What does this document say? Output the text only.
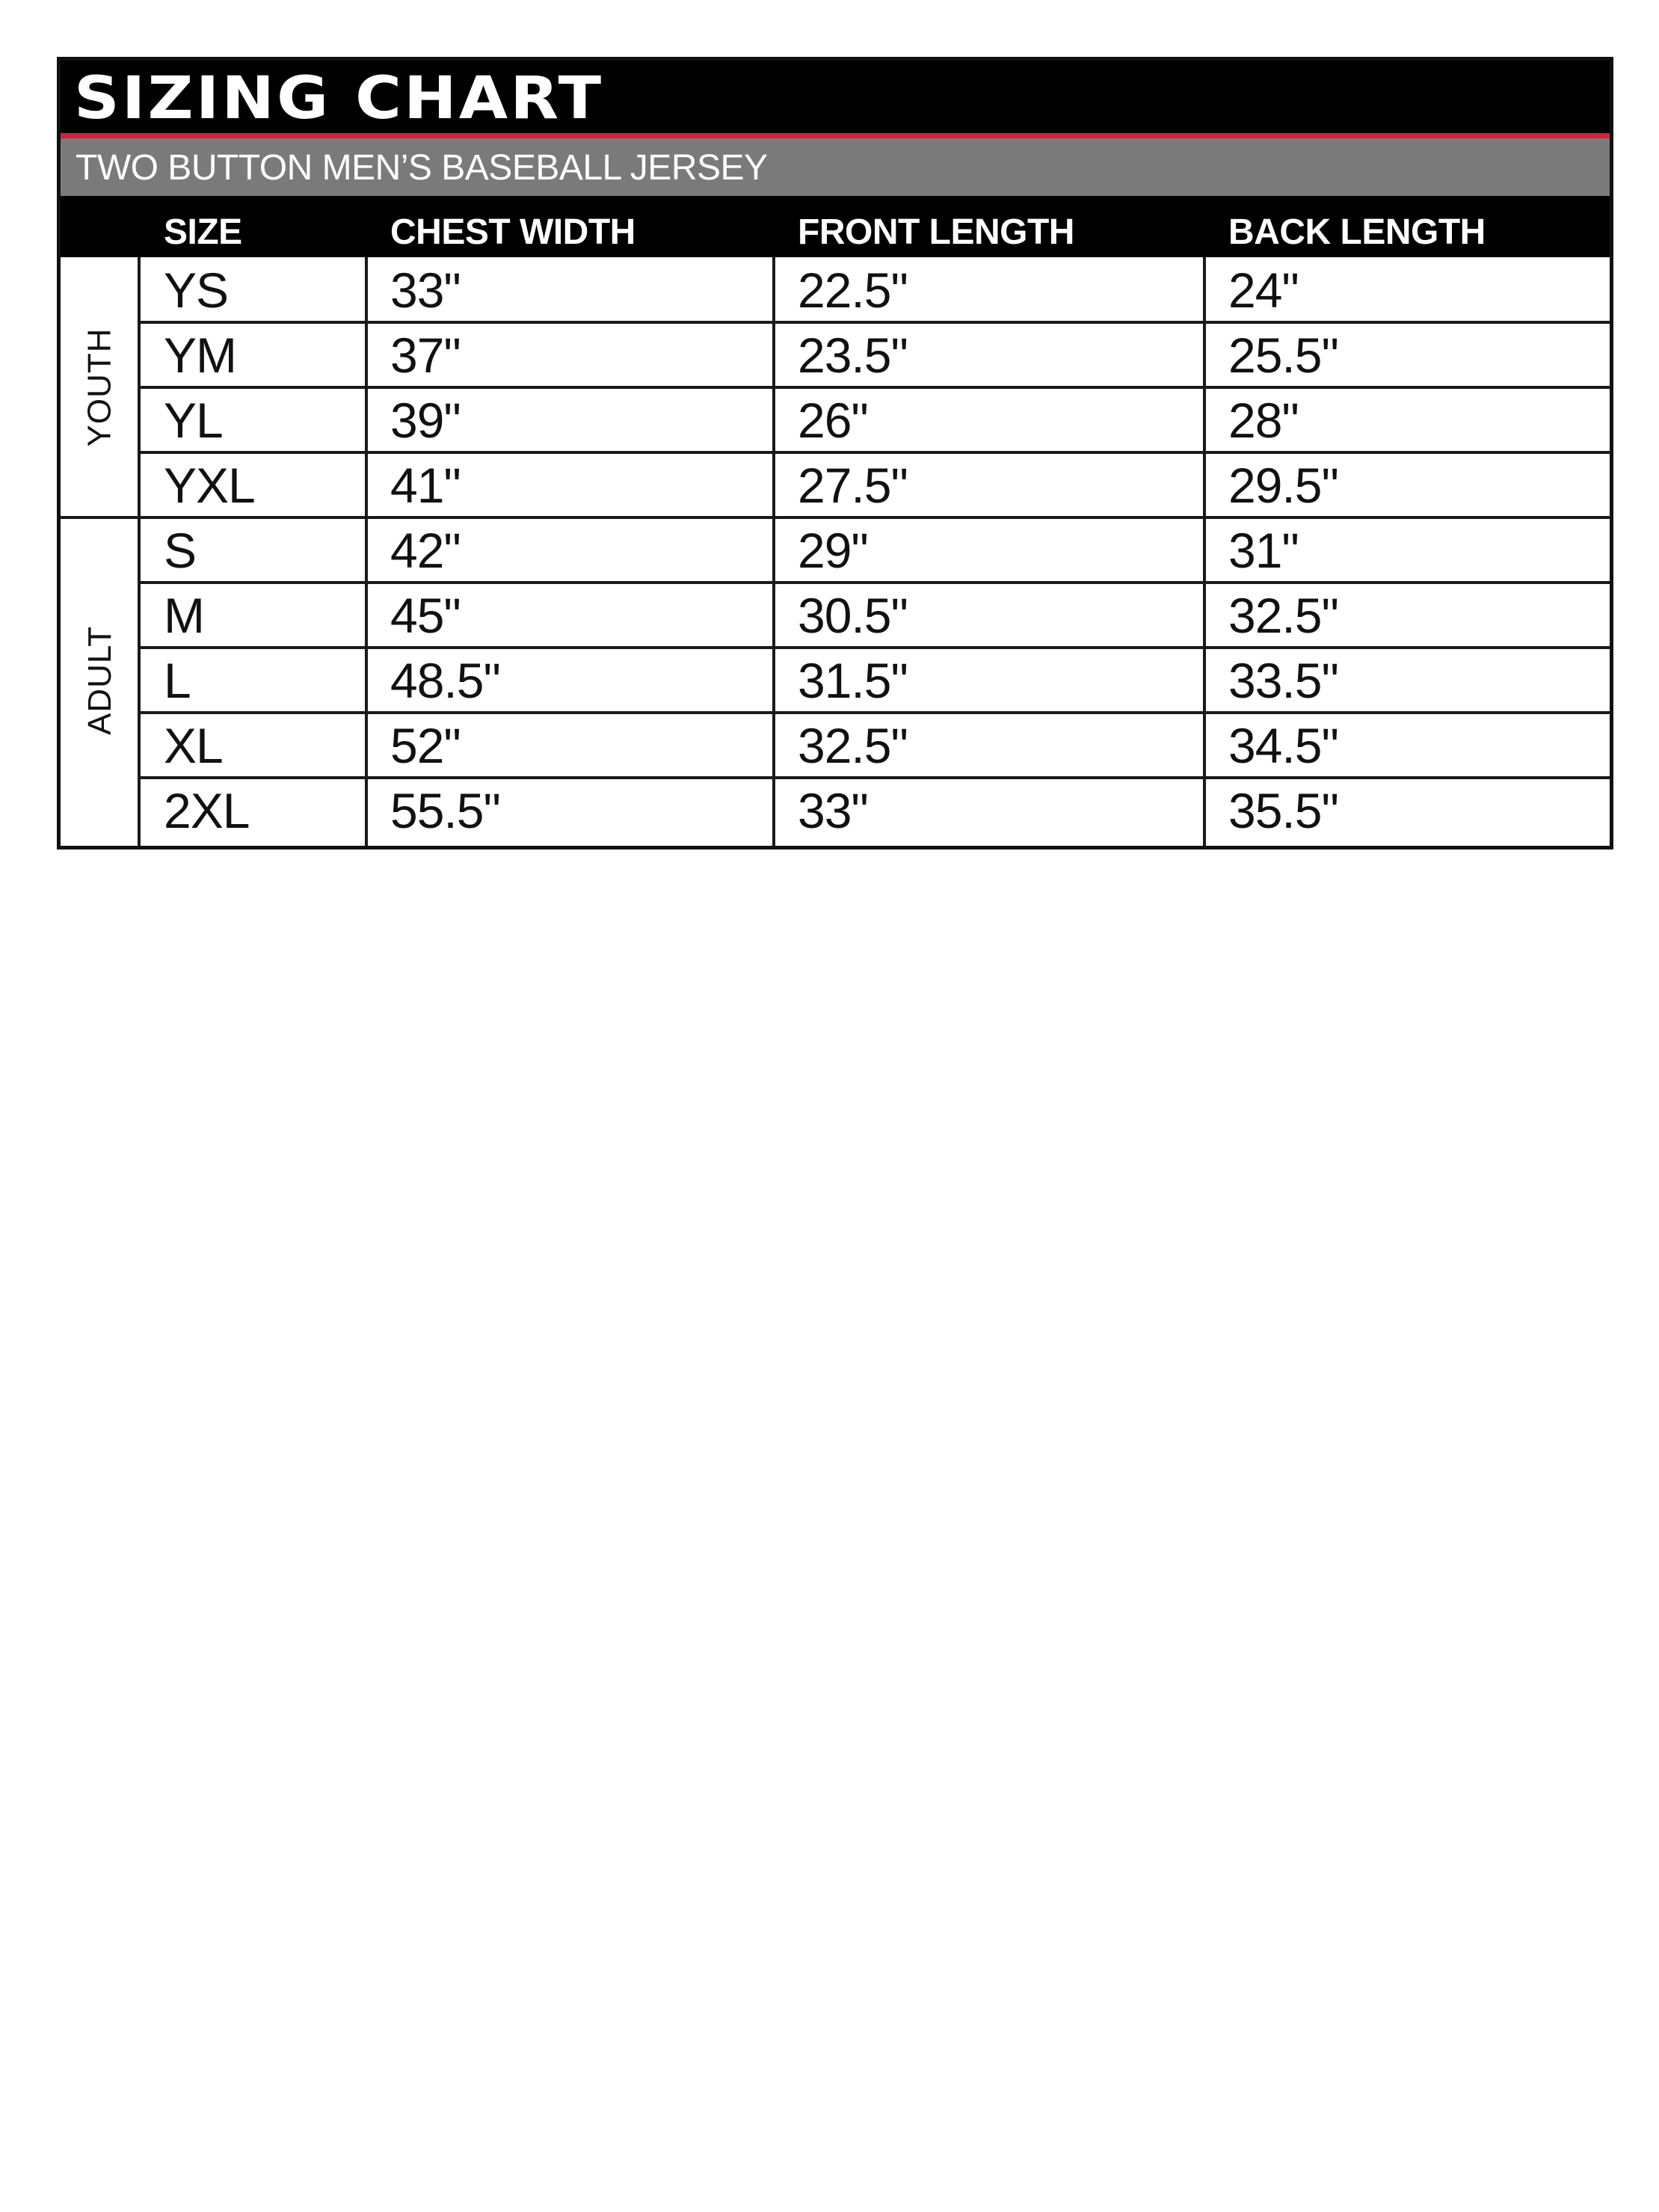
SIZING CHART
TWO BUTTON MEN’S BASEBALL JERSEY
SIZE	CHEST WIDTH	FRONT LENGTH	BACK LENGTH
YS	33"	22.5"	24"
YM	37"	23.5"	25.5"
YL	39"	26"	28"
YXL	41"	27.5"	29.5"
YOUTH
S	42"	29"	31"
M	45"	30.5"	32.5"
L	48.5"	31.5"	33.5"
XL	52"	32.5"	34.5"
2XL	55.5"	33"	35.5"
ADULT
